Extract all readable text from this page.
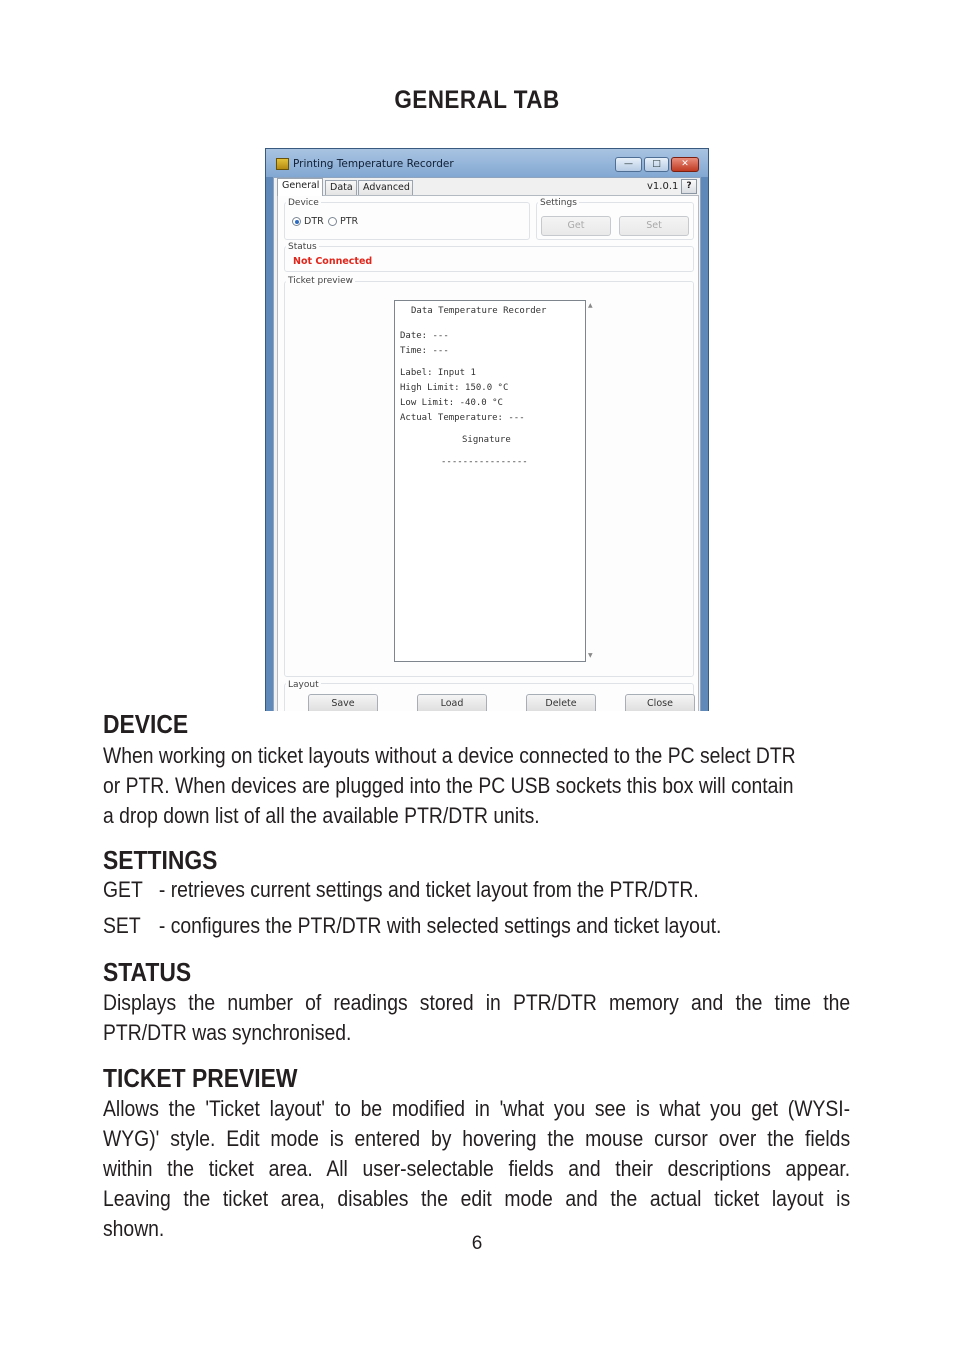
GENERAL TAB
Printing Temperature Recorder	—	□	✕
General	Data	Advanced	v1.0.1 ?
Device
DTR PTR
Settings
Get	Set
Status
Not Connected
Ticket preview
Data Temperature Recorder
Date: ---
Time: ---
Label: Input 1
High Limit: 150.0 °C
Low Limit: -40.0 °C
Actual Temperature: ---
Signature
----------------
▲
▼
Layout
Save	Load	Delete	Close
DEVICE
When working on ticket layouts without a device connected to the PC select DTR
or PTR. When devices are plugged into the PC USB sockets this box will contain
a drop down list of all the available PTR/DTR units.
SETTINGS
GET - retrieves current settings and ticket layout from the PTR/DTR.
SET - configures the PTR/DTR with selected settings and ticket layout.
STATUS
Displays the number of readings stored in PTR/DTR memory and the time the
PTR/DTR was synchronised.
TICKET PREVIEW
Allows the 'Ticket layout' to be modified in 'what you see is what you get (WYSI-
WYG)' style. Edit mode is entered by hovering the mouse cursor over the fields
within the ticket area. All user-selectable fields and their descriptions appear.
Leaving the ticket area, disables the edit mode and the actual ticket layout is
shown.
6
